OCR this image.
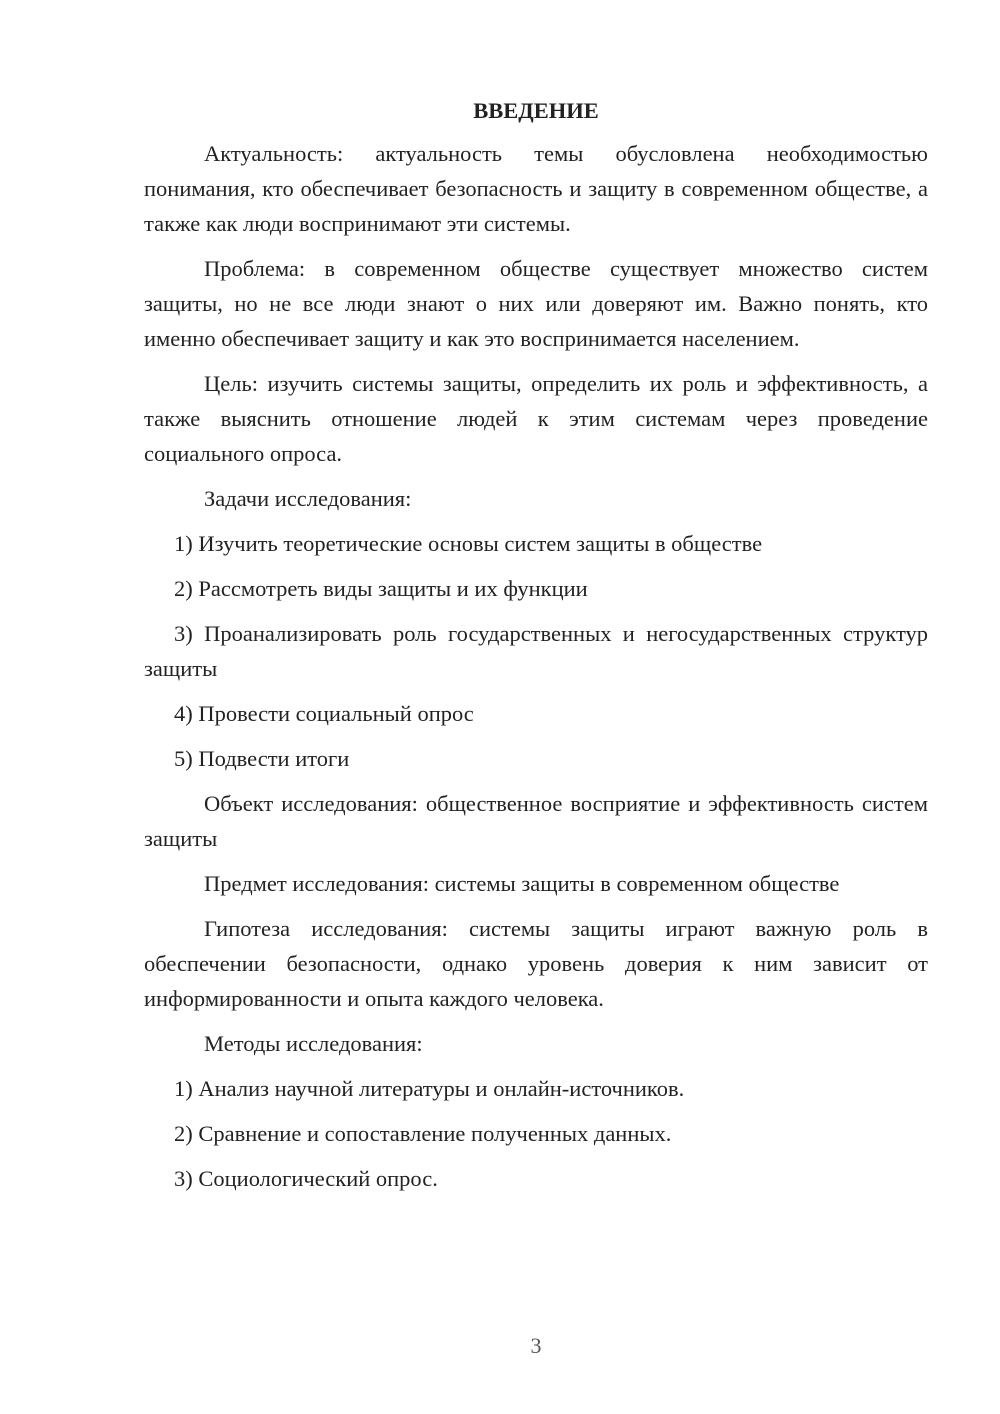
ВВЕДЕНИЕ

Актуальность: актуальность темы обусловлена необходимостью понимания, кто обеспечивает безопасность и защиту в современном обществе, а также как люди воспринимают эти системы.

Проблема: в современном обществе существует множество систем защиты, но не все люди знают о них или доверяют им. Важно понять, кто именно обеспечивает защиту и как это воспринимается населением.

Цель: изучить системы защиты, определить их роль и эффективность, а также выяснить отношение людей к этим системам через проведение социального опроса.

Задачи исследования:

1) Изучить теоретические основы систем защиты в обществе

2) Рассмотреть виды защиты и их функции

3) Проанализировать роль государственных и негосударственных структур защиты

4) Провести социальный опрос

5) Подвести итоги

Объект исследования: общественное восприятие и эффективность систем защиты

Предмет исследования: системы защиты в современном обществе

Гипотеза исследования: системы защиты играют важную роль в обеспечении безопасности, однако уровень доверия к ним зависит от информированности и опыта каждого человека.

Методы исследования:

1) Анализ научной литературы и онлайн-источников.

2) Сравнение и сопоставление полученных данных.

3) Социологический опрос.

3
